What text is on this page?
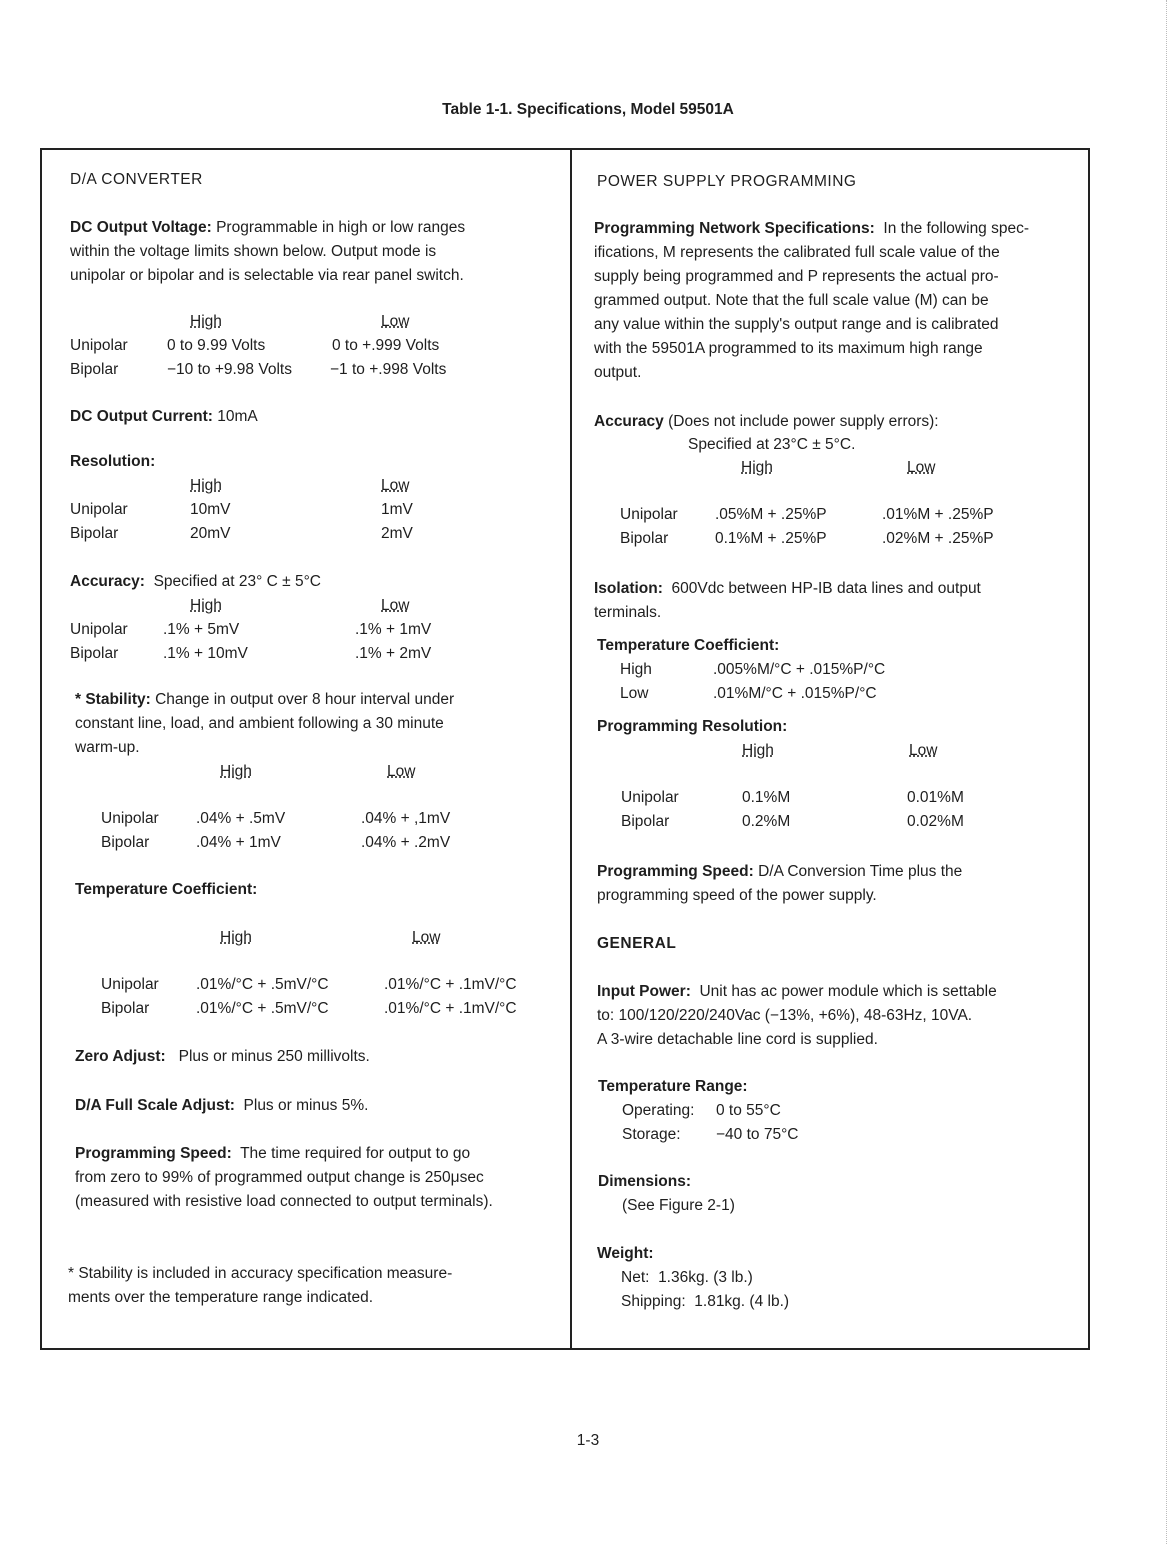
Table 1-1. Specifications, Model 59501A
D/A CONVERTER
DC Output Voltage: Programmable in high or low ranges
within the voltage limits shown below. Output mode is
unipolar or bipolar and is selectable via rear panel switch.
High	Low
Unipolar	0 to 9.99 Volts	0 to +.999 Volts
Bipolar	−10 to +9.98 Volts −1 to +.998 Volts
DC Output Current: 10mA
Resolution:
High	Low
Unipolar	10mV	1mV
Bipolar	20mV	2mV
Accuracy: Specified at 23° C ± 5°C
High	Low
Unipolar .1% + 5mV	.1% + 1mV
Bipolar	.1% + 10mV	.1% + 2mV
* Stability: Change in output over 8 hour interval under
constant line, load, and ambient following a 30 minute
warm-up.
High	Low
Unipolar .04% + .5mV	.04% + ,1mV
Bipolar	.04% + 1mV	.04% + .2mV
Temperature Coefficient:
High	Low
Unipolar .01%/°C + .5mV/°C	.01%/°C + .1mV/°C
Bipolar	.01%/°C + .5mV/°C	.01%/°C + .1mV/°C
Zero Adjust: Plus or minus 250 millivolts.
D/A Full Scale Adjust: Plus or minus 5%.
Programming Speed: The time required for output to go
from zero to 99% of programmed output change is 250μsec
(measured with resistive load connected to output terminals).
* Stability is included in accuracy specification measure-
ments over the temperature range indicated.
POWER SUPPLY PROGRAMMING
Programming Network Specifications: In the following spec-
ifications, M represents the calibrated full scale value of the
supply being programmed and P represents the actual pro-
grammed output. Note that the full scale value (M) can be
any value within the supply's output range and is calibrated
with the 59501A programmed to its maximum high range
output.
Accuracy (Does not include power supply errors):
Specified at 23°C ± 5°C.
High	Low
Unipolar .05%M + .25%P	.01%M + .25%P
Bipolar	0.1%M + .25%P	.02%M + .25%P
Isolation: 600Vdc between HP-IB data lines and output
terminals.
Temperature Coefficient:
High	.005%M/°C + .015%P/°C
Low	.01%M/°C + .015%P/°C
Programming Resolution:
High	Low
Unipolar	0.1%M	0.01%M
Bipolar	0.2%M	0.02%M
Programming Speed: D/A Conversion Time plus the
programming speed of the power supply.
GENERAL
Input Power: Unit has ac power module which is settable
to: 100/120/220/240Vac (−13%, +6%), 48-63Hz, 10VA.
A 3-wire detachable line cord is supplied.
Temperature Range:
Operating: 0 to 55°C
Storage: −40 to 75°C
Dimensions:
(See Figure 2-1)
Weight:
Net: 1.36kg. (3 lb.)
Shipping: 1.81kg. (4 lb.)
1-3
